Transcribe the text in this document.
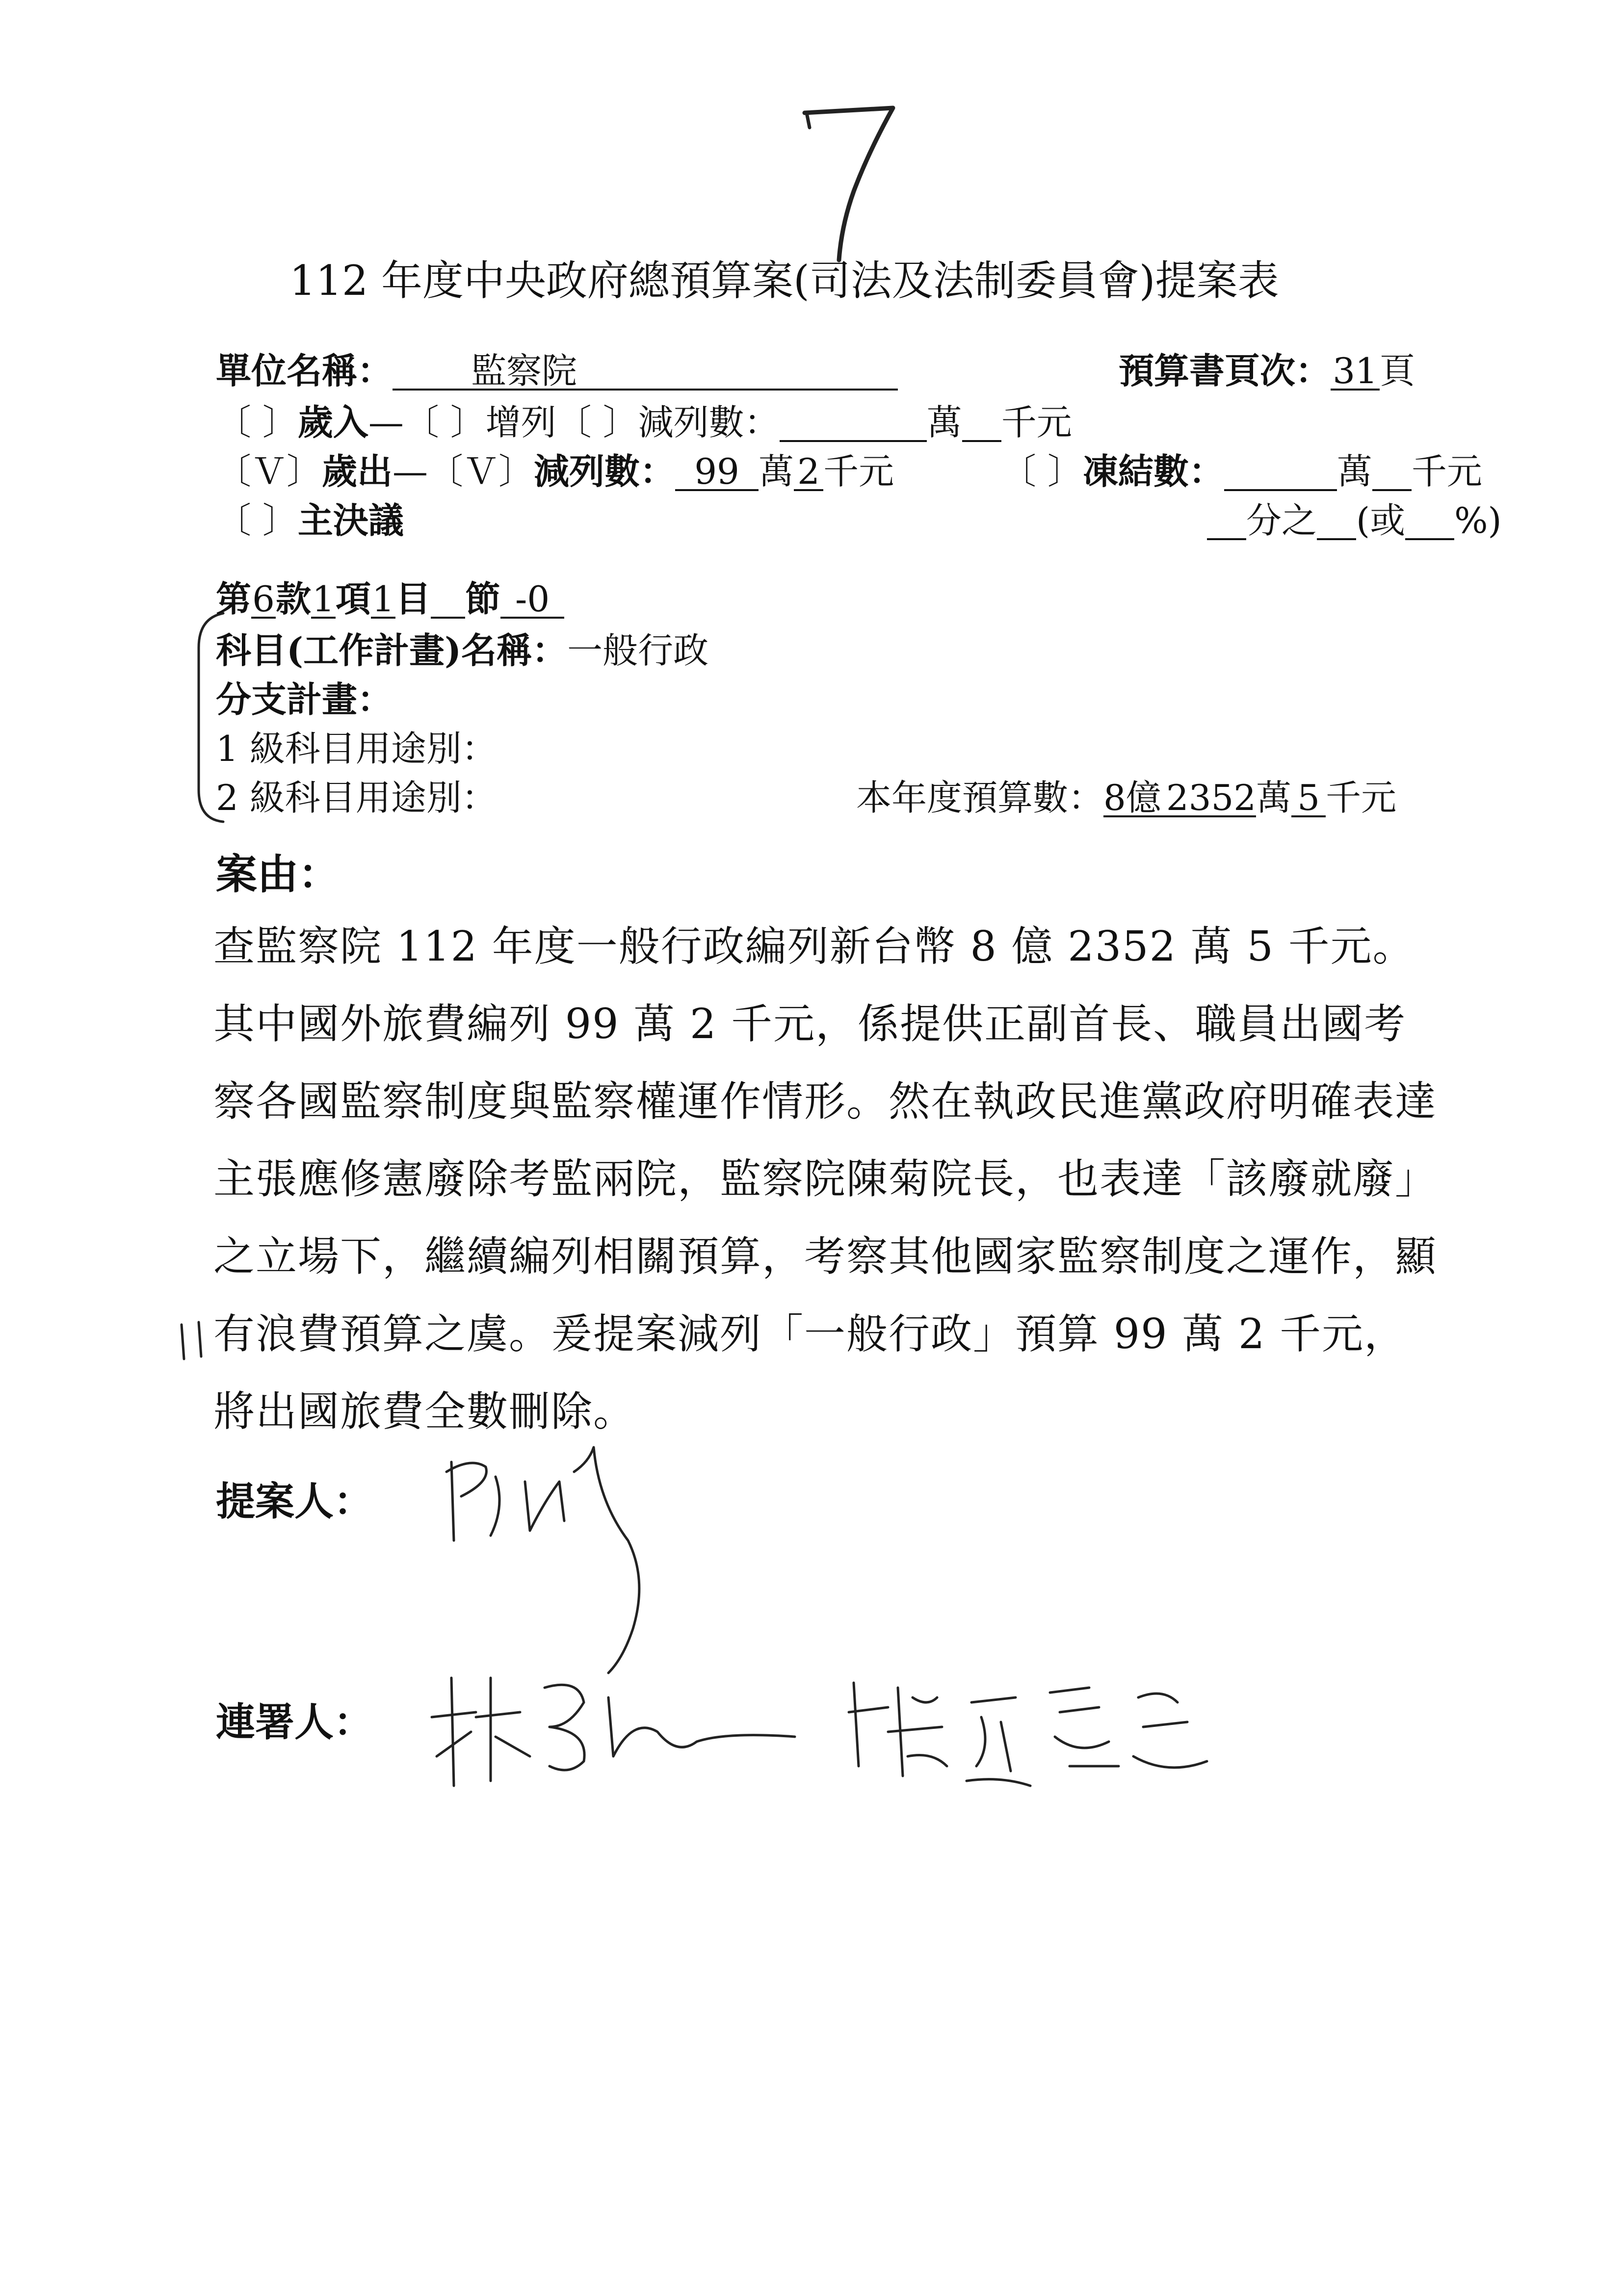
112 年度中央政府總預算案(司法及法制委員會)提案表
單位名稱： 監察院	預算書頁次：31頁
〔 〕歲入—〔 〕增列〔 〕減列數：	萬 千元
〔Ｖ〕歲出—〔Ｖ〕減列數： 99 萬2千元	〔 〕凍結數：	萬 千元
〔 〕主決議	分之 (或 %)
第6款1項1目 節 -0
科目(工作計畫)名稱：一般行政
分支計畫：
1 級科目用途別：
2 級科目用途別：	本年度預算數：8億 2352萬 5 千元
案由：
查監察院 112 年度一般行政編列新台幣 8 億 2352 萬 5 千元。其中國外旅費編列 99 萬 2 千元，係提供正副首長、職員出國考察各國監察制度與監察權運作情形。然在執政民進黨政府明確表達主張應修憲廢除考監兩院，監察院陳菊院長，也表達「該廢就廢」之立場下，繼續編列相關預算，考察其他國家監察制度之運作，顯有浪費預算之虞。爰提案減列「一般行政」預算 99 萬 2 千元，將出國旅費全數刪除。
提案人：
連署人：
